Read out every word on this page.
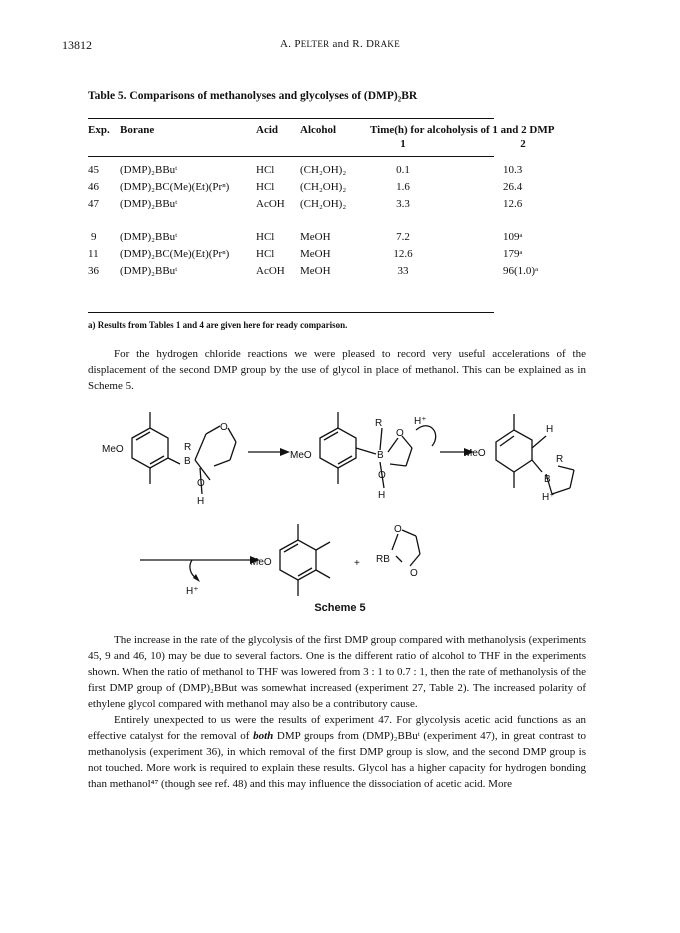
13812	A. PELTER and R. DRAKE
Table 5. Comparisons of methanolyses and glycolyses of (DMP)₂BR
Exp. Borane	Acid Alcohol	Time(h) for alcoholysis of 1 and 2 DMP
1	2
45 (DMP)₂BBuᵗ	HCl (CH₂OH)₂	0.1	10.3
46 (DMP)₂BC(Me)(Et)(Prⁿ) HCl (CH₂OH)₂	1.6	26.4
47 (DMP)₂BBuᵗ	AcOH (CH₂OH)₂	3.3	12.6
9 (DMP)₂BBuᵗ	HCl MeOH	7.2	109ᵃ
11 (DMP)₂BC(Me)(Et)(Prⁿ) HCl MeOH	12.6	179ᵃ
36 (DMP)₂BBuᵗ	AcOH MeOH	33	96(1.0)ᵃ
a) Results from Tables 1 and 4 are given here for ready comparison.

For the hydrogen chloride reactions we were pleased to record very useful accelerations of the displacement of the second DMP group by the use of glycol in place of methanol. This can be explained as in Scheme 5.

MeO	R
B
O
O
H
MeO
R
B
O
O
H
H⁺
MeO
H
R
B
H⁺
MeO
H⁺
+ RB
O
O
Scheme 5

The increase in the rate of the glycolysis of the first DMP group compared with methanolysis (experiments 45, 9 and 46, 10) may be due to several factors. One is the different ratio of alcohol to THF in the experiments shown. When the ratio of methanol to THF was lowered from 3 : 1 to 0.7 : 1, then the rate of methanolysis of the first DMP group of (DMP)₂BBut was somewhat increased (experiment 27, Table 2). The increased polarity of ethylene glycol compared with methanol may also be a contributory cause.

Entirely unexpected to us were the results of experiment 47. For glycolysis acetic acid functions as an effective catalyst for the removal of both DMP groups from (DMP)₂BBuᵗ (experiment 47), in great contrast to methanolysis (experiment 36), in which removal of the first DMP group is slow, and the second DMP group is not touched. More work is required to explain these results. Glycol has a higher capacity for hydrogen bonding than methanol⁴⁷ (though see ref. 48) and this may influence the dissociation of acetic acid. More
